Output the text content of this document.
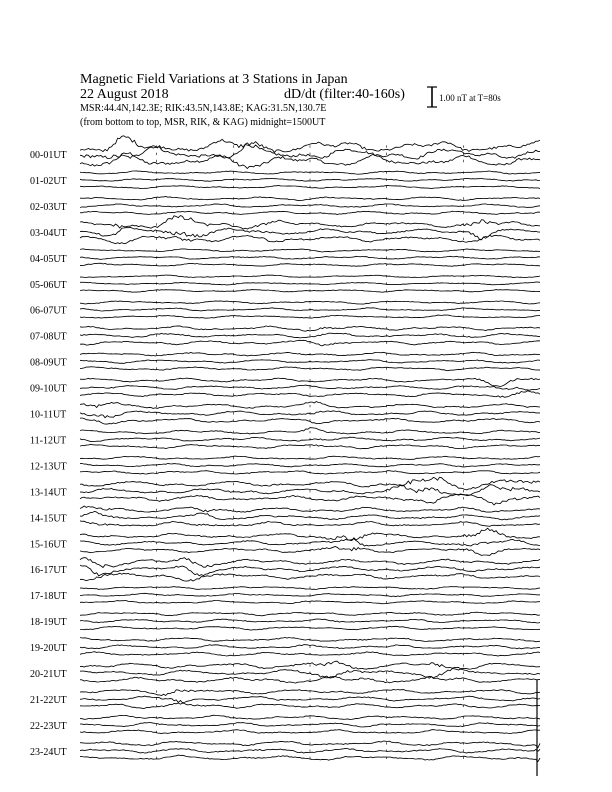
Magnetic Field Variations at 3 Stations in Japan
22 August 2018	dD/dt (filter:40-160s)
MSR:44.4N,142.3E; RIK:43.5N,143.8E; KAG:31.5N,130.7E
(from bottom to top, MSR, RIK, & KAG) midnight=1500UT
1.00 nT at T=80s
00-01UT
01-02UT
02-03UT
03-04UT
04-05UT
05-06UT
06-07UT
07-08UT
08-09UT
09-10UT
10-11UT
11-12UT
12-13UT
13-14UT
14-15UT
15-16UT
16-17UT
17-18UT
18-19UT
19-20UT
20-21UT
21-22UT
22-23UT
23-24UT
